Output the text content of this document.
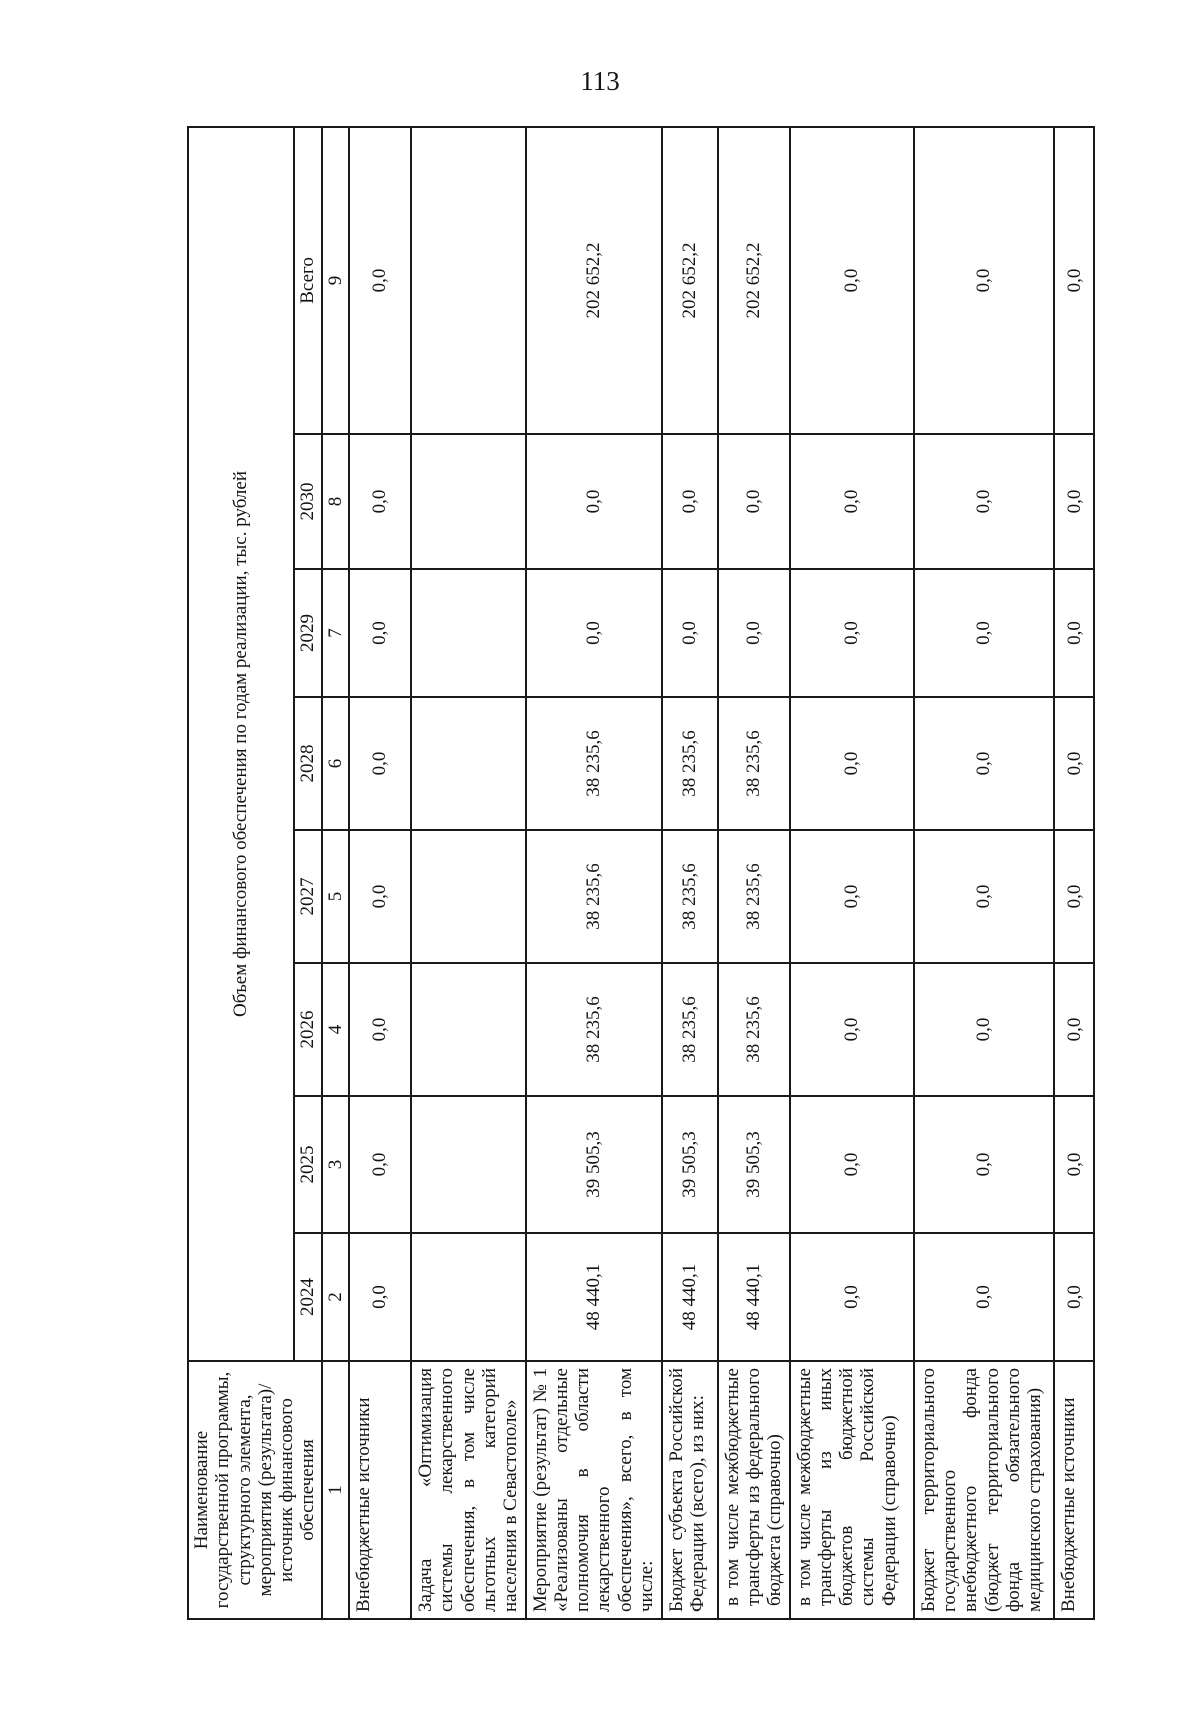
113
Наименование государственной программы, структурного элемента, мероприятия (результата)/источник финансового обеспечения	Объем финансового обеспечения по годам реализации, тыс. рублей							
	2024	2025	2026	2027	2028	2029	2030	Всего
1	2	3	4	5	6	7	8	9
Внебюджетные источники	0,0	0,0	0,0	0,0	0,0	0,0	0,0	0,0
Задача «Оптимизация системы лекарственного обеспечения, в том числе льготных категорий населения в Севастополе»								
Мероприятие (результат) № 1 «Реализованы отдельные полномочия в области лекарственного обеспечения», всего, в том числе:	48 440,1	39 505,3	38 235,6	38 235,6	38 235,6	0,0	0,0	202 652,2
Бюджет субъекта Российской Федерации (всего), из них:	48 440,1	39 505,3	38 235,6	38 235,6	38 235,6	0,0	0,0	202 652,2
в том числе межбюджетные трансферты из федерального бюджета (справочно)	48 440,1	39 505,3	38 235,6	38 235,6	38 235,6	0,0	0,0	202 652,2
в том числе межбюджетные трансферты из иных бюджетов бюджетной системы Российской Федерации (справочно)	0,0	0,0	0,0	0,0	0,0	0,0	0,0	0,0
Бюджет территориального государственного внебюджетного фонда (бюджет территориального фонда обязательного медицинского страхования)	0,0	0,0	0,0	0,0	0,0	0,0	0,0	0,0
Внебюджетные источники	0,0	0,0	0,0	0,0	0,0	0,0	0,0	0,0
